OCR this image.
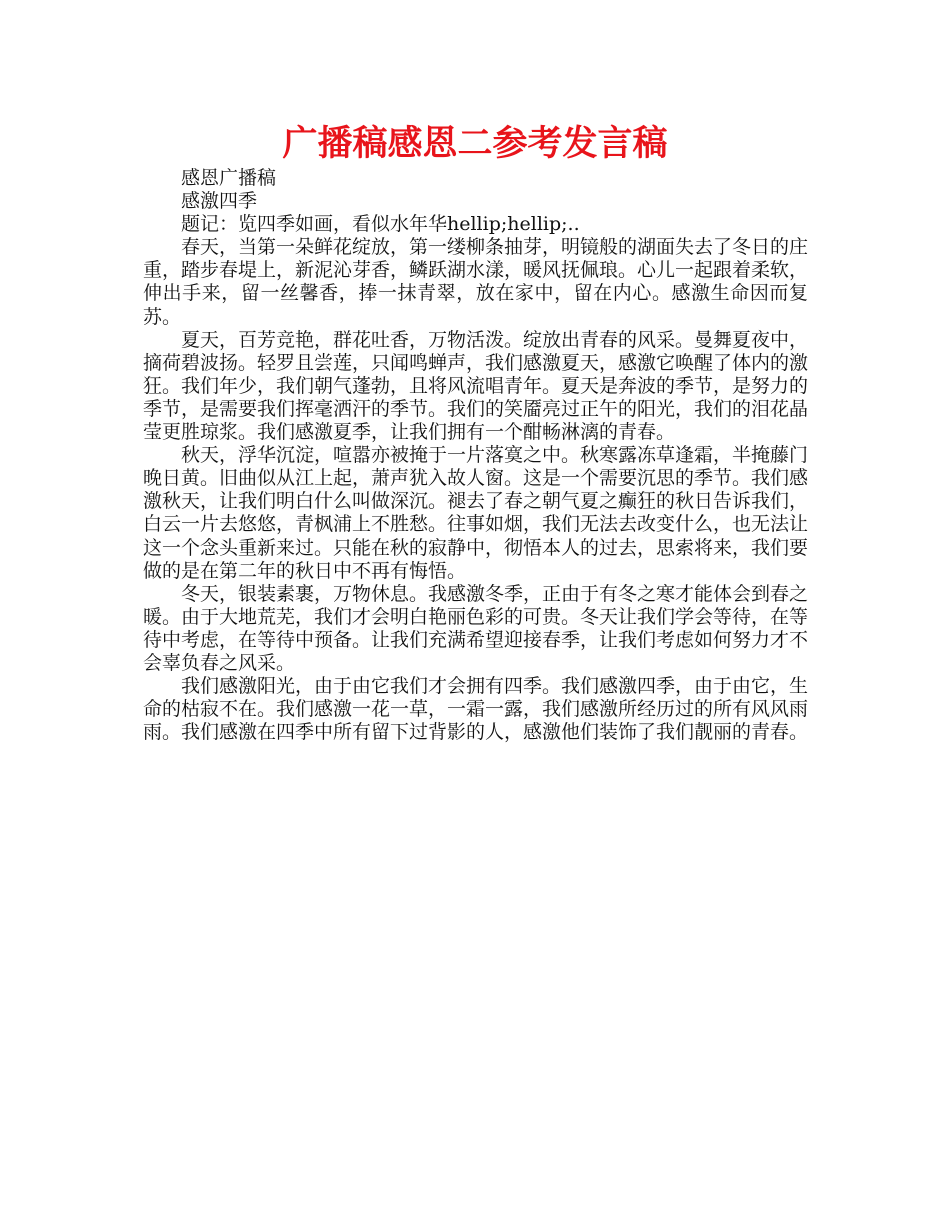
广播稿感恩二参考发言稿

感恩广播稿

感激四季

题记：览四季如画，看似水年华hellip;hellip;..

春天，当第一朵鲜花绽放，第一缕柳条抽芽，明镜般的湖面失去了冬日的庄重，踏步春堤上，新泥沁芽香，鳞跃湖水漾，暖风抚佩琅。心儿一起跟着柔软，伸出手来，留一丝馨香，捧一抹青翠，放在家中，留在内心。感激生命因而复苏。

夏天，百芳竞艳，群花吐香，万物活泼。绽放出青春的风采。曼舞夏夜中，摘荷碧波扬。轻罗且尝莲，只闻鸣蝉声，我们感激夏天，感激它唤醒了体内的激狂。我们年少，我们朝气蓬勃，且将风流唱青年。夏天是奔波的季节，是努力的季节，是需要我们挥毫洒汗的季节。我们的笑靥亮过正午的阳光，我们的泪花晶莹更胜琼浆。我们感激夏季，让我们拥有一个酣畅淋漓的青春。

秋天，浮华沉淀，喧嚣亦被掩于一片落寞之中。秋寒露冻草逢霜，半掩藤门晚日黄。旧曲似从江上起，萧声犹入故人窗。这是一个需要沉思的季节。我们感激秋天，让我们明白什么叫做深沉。褪去了春之朝气夏之癫狂的秋日告诉我们，白云一片去悠悠，青枫浦上不胜愁。往事如烟，我们无法去改变什么，也无法让这一个念头重新来过。只能在秋的寂静中，彻悟本人的过去，思索将来，我们要做的是在第二年的秋日中不再有悔悟。

冬天，银装素裹，万物休息。我感激冬季，正由于有冬之寒才能体会到春之暖。由于大地荒芜，我们才会明白艳丽色彩的可贵。冬天让我们学会等待，在等待中考虑，在等待中预备。让我们充满希望迎接春季，让我们考虑如何努力才不会辜负春之风采。

我们感激阳光，由于由它我们才会拥有四季。我们感激四季，由于由它，生命的枯寂不在。我们感激一花一草，一霜一露，我们感激所经历过的所有风风雨雨。我们感激在四季中所有留下过背影的人，感激他们装饰了我们靓丽的青春。
